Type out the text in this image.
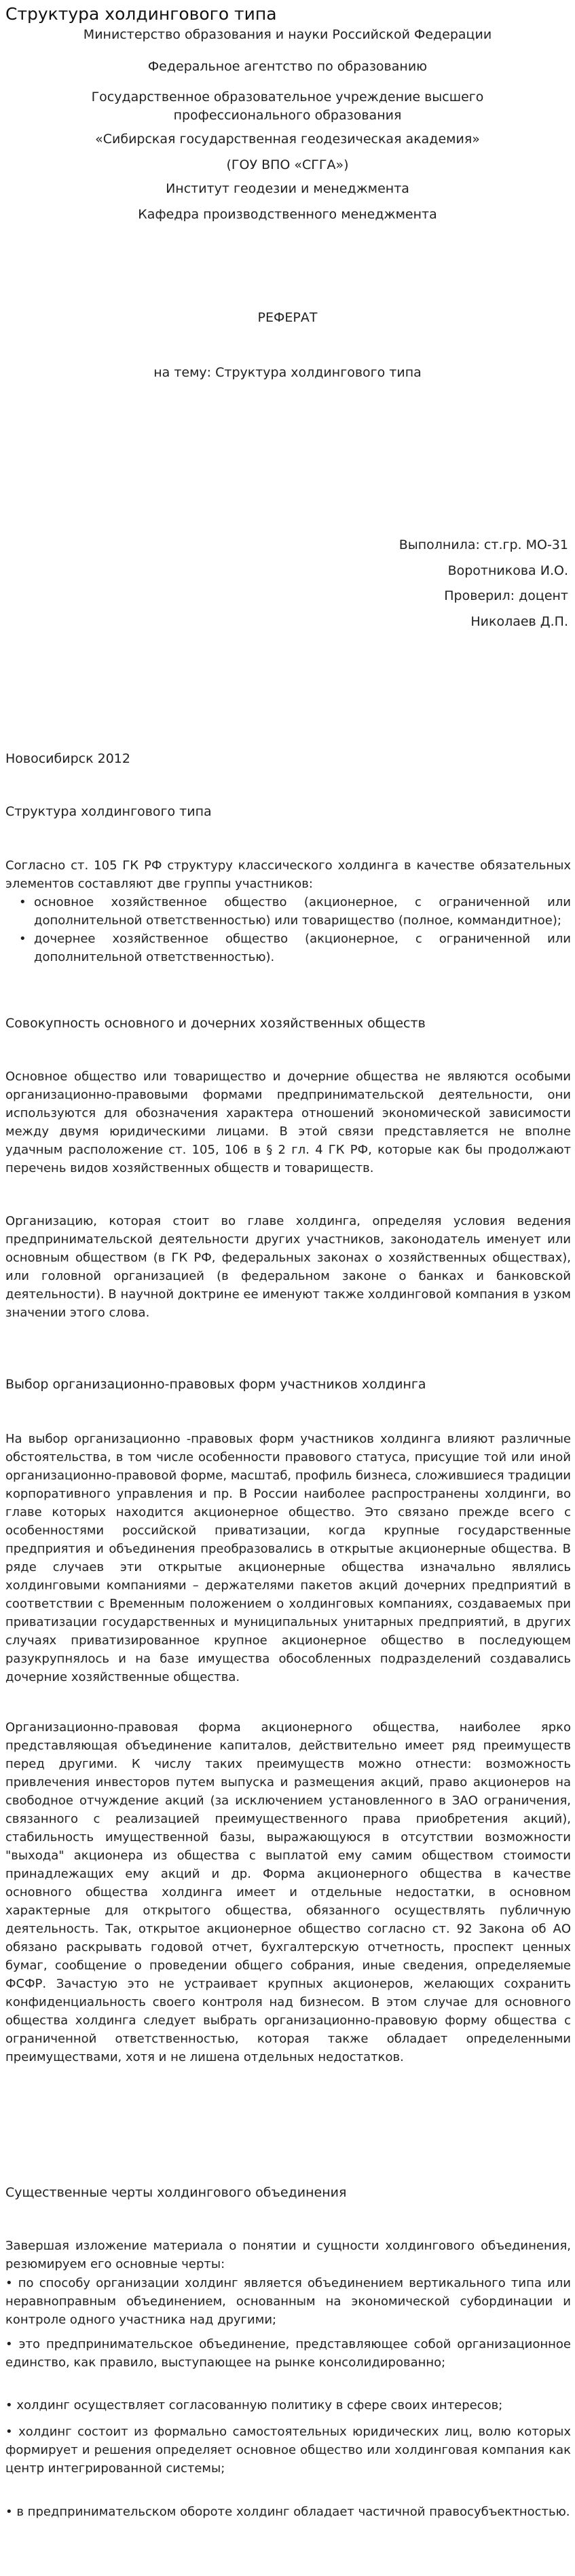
Структура холдингового типа
Министерство образования и науки Российской Федерации
Федеральное агентство по образованию
Государственное образовательное учреждение высшего
профессионального образования
«Сибирская государственная геодезическая академия»
(ГОУ ВПО «СГГА»)
Институт геодезии и менеджмента
Кафедра производственного менеджмента
РЕФЕРАТ
на тему: Структура холдингового типа
Выполнила: ст.гр. МО-31
Воротникова И.О.
Проверил: доцент
Николаев Д.П.
Новосибирск 2012
Структура холдингового типа
Согласно ст. 105 ГК РФ структуру классического холдинга в качестве обязательных элементов составляют две группы участников:
• основное хозяйственное общество (акционерное, с ограниченной или дополнительной ответственностью) или товарищество (полное, коммандитное);
• дочернее хозяйственное общество (акционерное, с ограниченной или дополнительной ответственностью).
Совокупность основного и дочерних хозяйственных обществ
Основное общество или товарищество и дочерние общества не являются особыми организационно-правовыми формами предпринимательской деятельности, они используются для обозначения характера отношений экономической зависимости между двумя юридическими лицами. В этой связи представляется не вполне удачным расположение ст. 105, 106 в § 2 гл. 4 ГК РФ, которые как бы продолжают перечень видов хозяйственных обществ и товариществ.
Организацию, которая стоит во главе холдинга, определяя условия ведения предпринимательской деятельности других участников, законодатель именует или основным обществом (в ГК РФ, федеральных законах о хозяйственных обществах), или головной организацией (в федеральном законе о банках и банковской деятельности). В научной доктрине ее именуют также холдинговой компания в узком значении этого слова.
Выбор организационно-правовых форм участников холдинга
На выбор организационно -правовых форм участников холдинга влияют различные обстоятельства, в том числе особенности правового статуса, присущие той или иной организационно-правовой форме, масштаб, профиль бизнеса, сложившиеся традиции корпоративного управления и пр. В России наиболее распространены холдинги, во главе которых находится акционерное общество. Это связано прежде всего с особенностями российской приватизации, когда крупные государственные предприятия и объединения преобразовались в открытые акционерные общества. В ряде случаев эти открытые акционерные общества изначально являлись холдинговыми компаниями – держателями пакетов акций дочерних предприятий в соответствии с Временным положением о холдинговых компаниях, создаваемых при приватизации государственных и муниципальных унитарных предприятий, в других случаях приватизированное крупное акционерное общество в последующем разукрупнялось и на базе имущества обособленных подразделений создавались дочерние хозяйственные общества.
Организационно-правовая форма акционерного общества, наиболее ярко представляющая объединение капиталов, действительно имеет ряд преимуществ перед другими. К числу таких преимуществ можно отнести: возможность привлечения инвесторов путем выпуска и размещения акций, право акционеров на свободное отчуждение акций (за исключением установленного в ЗАО ограничения, связанного с реализацией преимущественного права приобретения акций), стабильность имущественной базы, выражающуюся в отсутствии возможности "выхода" акционера из общества с выплатой ему самим обществом стоимости принадлежащих ему акций и др. Форма акционерного общества в качестве основного общества холдинга имеет и отдельные недостатки, в основном характерные для открытого общества, обязанного осуществлять публичную деятельность. Так, открытое акционерное общество согласно ст. 92 Закона об АО обязано раскрывать годовой отчет, бухгалтерскую отчетность, проспект ценных бумаг, сообщение о проведении общего собрания, иные сведения, определяемые ФСФР. Зачастую это не устраивает крупных акционеров, желающих сохранить конфиденциальность своего контроля над бизнесом. В этом случае для основного общества холдинга следует выбрать организационно-правовую форму общества с ограниченной ответственностью, которая также обладает определенными преимуществами, хотя и не лишена отдельных недостатков.
Существенные черты холдингового объединения
Завершая изложение материала о понятии и сущности холдингового объединения, резюмируем его основные черты:
• по способу организации холдинг является объединением вертикального типа или неравноправным объединением, основанным на экономической субординации и контроле одного участника над другими;
• это предпринимательское объединение, представляющее собой организационное единство, как правило, выступающее на рынке консолидированно;
• холдинг осуществляет согласованную политику в сфере своих интересов;
• холдинг состоит из формально самостоятельных юридических лиц, волю которых формирует и решения определяет основное общество или холдинговая компания как центр интегрированной системы;
• в предпринимательском обороте холдинг обладает частичной правосубъектностью.
